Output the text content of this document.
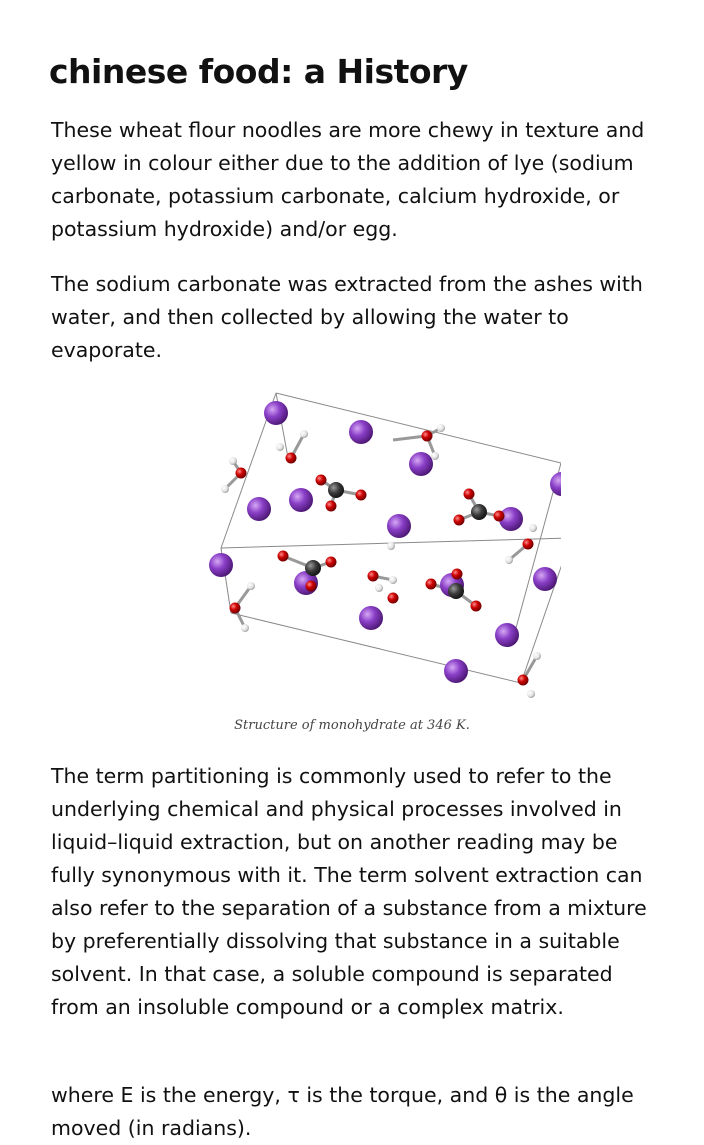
chinese food: a History

These wheat flour noodles are more chewy in texture and yellow in colour either due to the addition of lye (sodium carbonate, potassium carbonate, calcium hydroxide, or potassium hydroxide) and/or egg.

The sodium carbonate was extracted from the ashes with water, and then collected by allowing the water to evaporate.

Structure of monohydrate at 346 K.

The term partitioning is commonly used to refer to the underlying chemical and physical processes involved in liquid–liquid extraction, but on another reading may be fully synonymous with it. The term solvent extraction can also refer to the separation of a substance from a mixture by preferentially dissolving that substance in a suitable solvent. In that case, a soluble compound is separated from an insoluble compound or a complex matrix.

where E is the energy, τ is the torque, and θ is the angle moved (in radians).
